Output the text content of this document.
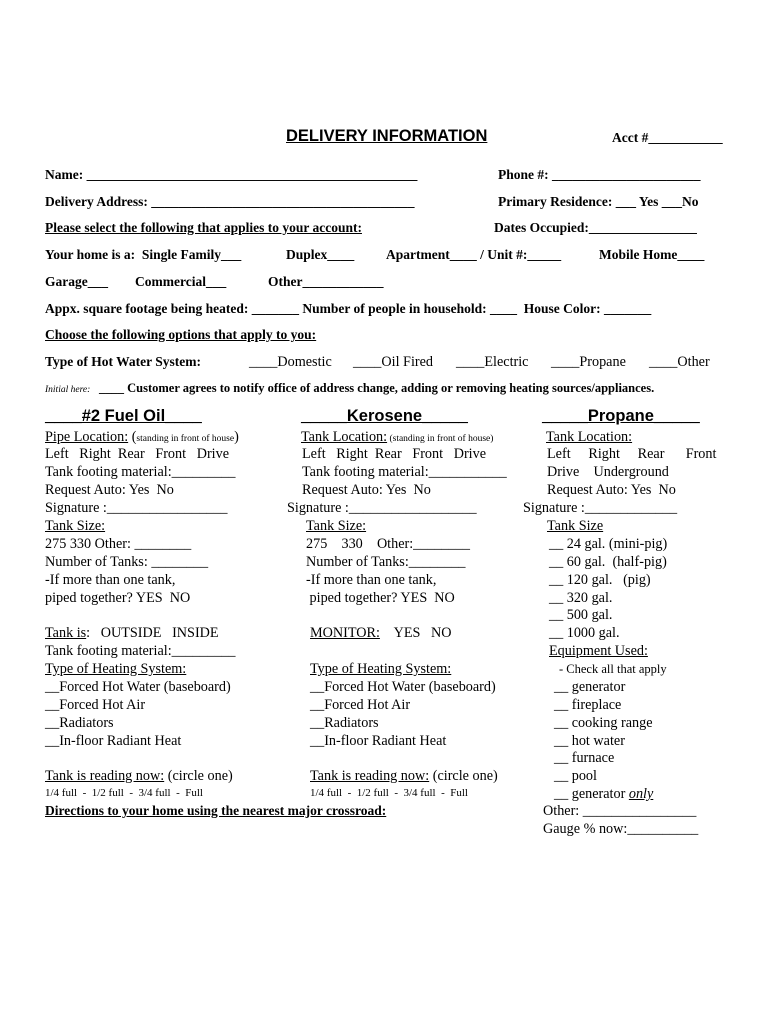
DELIVERY INFORMATION	Acct #___________
Name: _________________________________________________	Phone #: ______________________
Delivery Address: _______________________________________	Primary Residence: ___ Yes ___No
Please select the following that applies to your account:	Dates Occupied:________________
Your home is a:  Single Family___	Duplex____ Apartment____ / Unit #:_____	Mobile Home____
Garage___ Commercial___	Other____________
Appx. square footage being heated: _______ Number of people in household: ____  House Color: _______
Choose the following options that apply to you:
Type of Hot Water System:	____Domestic ____Oil Fired ____Electric ____Propane ____Other
Initial here: ____ Customer agrees to notify office of address change, adding or removing heating sources/appliances.
____#2 Fuel Oil____	_____Kerosene_____	_____Propane_____
Pipe Location: (standing in front of house)
Left   Right  Rear   Front   Drive
Tank footing material:_________
Request Auto: Yes  No
Signature :_________________
Tank Size:
275 330 Other: ________
Number of Tanks: ________
-If more than one tank,
piped together? YES  NO
Tank is:   OUTSIDE   INSIDE
Tank footing material:_________
Type of Heating System:
__Forced Hot Water (baseboard)
__Forced Hot Air
__Radiators
__In-floor Radiant Heat
Tank is reading now: (circle one)
1/4 full  -  1/2 full  -  3/4 full  -  Full
Directions to your home using the nearest major crossroad:
Tank Location: (standing in front of house)
Left   Right  Rear   Front   Drive
Tank footing material:___________
Request Auto: Yes  No
Signature :__________________
Tank Size:
275    330    Other:________
Number of Tanks:________
-If more than one tank,
piped together? YES  NO
MONITOR:    YES   NO
Type of Heating System:
__Forced Hot Water (baseboard)
__Forced Hot Air
__Radiators
__In-floor Radiant Heat
Tank is reading now: (circle one)
1/4 full  -  1/2 full  -  3/4 full  -  Full
Tank Location:
Left     Right     Rear      Front
Drive    Underground
Request Auto: Yes  No
Signature :_____________
Tank Size
__ 24 gal. (mini-pig)
__ 60 gal.  (half-pig)
__ 120 gal.   (pig)
__ 320 gal.
__ 500 gal.
__ 1000 gal.
Equipment Used:
- Check all that apply
__ generator
__ fireplace
__ cooking range
__ hot water
__ furnace
__ pool
__ generator only
Other: ________________
Gauge % now:__________
